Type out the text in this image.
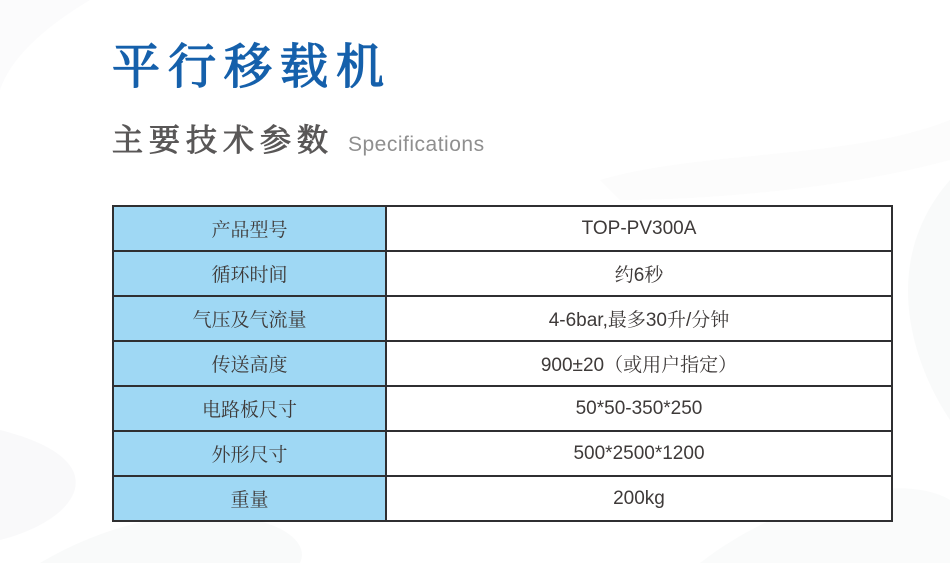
平行移载机
主要技术参数 Specifications
产品型号	TOP-PV300A
循环时间	约6秒
气压及气流量	4-6bar,最多30升/分钟
传送高度	900±20（或用户指定）
电路板尺寸	50*50-350*250
外形尺寸	500*2500*1200
重量	200kg
